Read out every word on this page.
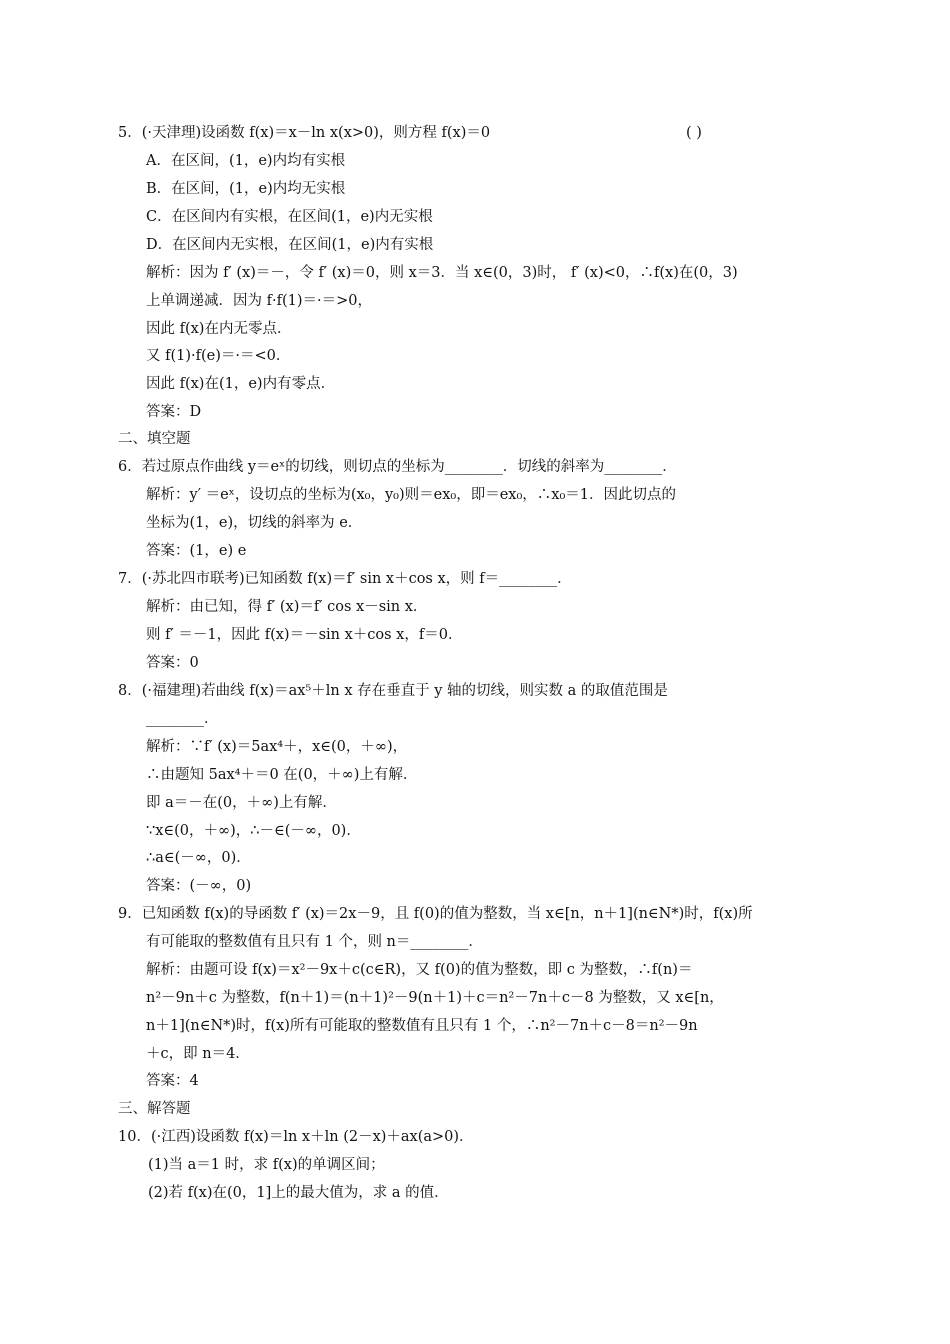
5．(·天津理)设函数 f(x)＝x－ln x(x>0)，则方程 f(x)＝0
A．在区间，(1，e)内均有实根
B．在区间，(1，e)内均无实根
C．在区间内有实根，在区间(1，e)内无实根
D．在区间内无实根，在区间(1，e)内有实根
解析：因为 f′ (x)＝－，令 f′ (x)＝0，则 x＝3．当 x∈(0，3)时， f′ (x)<0，∴f(x)在(0，3)
上单调递减．因为 f·f(1)＝·＝>0，
因此 f(x)在内无零点．
又 f(1)·f(e)＝·＝<0．
因此 f(x)在(1，e)内有零点．
答案：D
二、填空题
6．若过原点作曲线 y＝eˣ的切线，则切点的坐标为________．切线的斜率为________．
解析：y′ ＝eˣ，设切点的坐标为(x₀，y₀)则＝ex₀，即＝ex₀，∴x₀＝1．因此切点的
坐标为(1，e)，切线的斜率为 e．
答案：(1，e) e
7．(·苏北四市联考)已知函数 f(x)＝f′ sin x＋cos x，则 f＝________．
解析：由已知，得 f′ (x)＝f′ cos x－sin x．
则 f′ ＝－1，因此 f(x)＝－sin x＋cos x，f＝0．
答案：0
8．(·福建理)若曲线 f(x)＝ax⁵＋ln x 存在垂直于 y 轴的切线，则实数 a 的取值范围是
________．
解析：∵f′ (x)＝5ax⁴＋，x∈(0，＋∞)，
∴由题知 5ax⁴＋＝0 在(0，＋∞)上有解．
即 a＝－在(0，＋∞)上有解．
∵x∈(0，＋∞)，∴－∈(－∞，0)．
∴a∈(－∞，0)．
答案：(－∞，0)
9．已知函数 f(x)的导函数 f′ (x)＝2x－9，且 f(0)的值为整数，当 x∈[n，n＋1](n∈N*)时，f(x)所
有可能取的整数值有且只有 1 个，则 n＝________．
解析：由题可设 f(x)＝x²－9x＋c(c∈R)，又 f(0)的值为整数，即 c 为整数，∴f(n)＝
n²－9n＋c 为整数，f(n＋1)＝(n＋1)²－9(n＋1)＋c＝n²－7n＋c－8 为整数，又 x∈[n，
n＋1](n∈N*)时，f(x)所有可能取的整数值有且只有 1 个，∴n²－7n＋c－8＝n²－9n
＋c，即 n＝4．
答案：4
三、解答题
10．(·江西)设函数 f(x)＝ln x＋ln (2－x)＋ax(a>0)．
(1)当 a＝1 时，求 f(x)的单调区间；
(2)若 f(x)在(0，1]上的最大值为，求 a 的值．
( )
